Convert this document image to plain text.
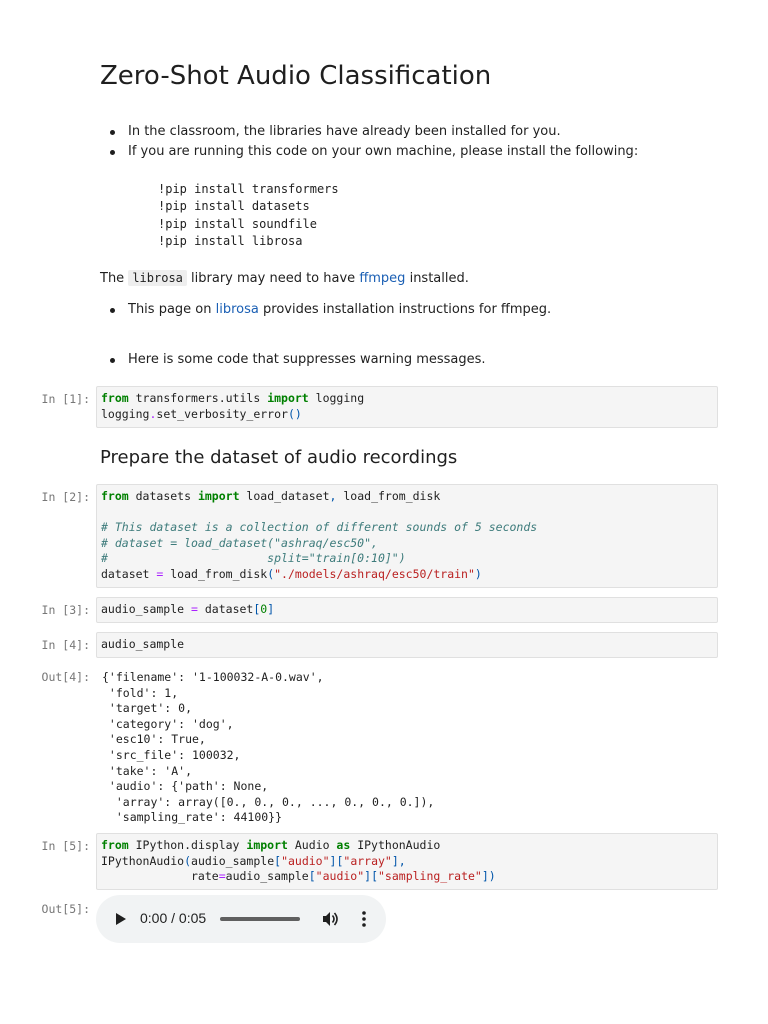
Zero-Shot Audio Classification
In the classroom, the libraries have already been installed for you.
If you are running this code on your own machine, please install the following:
!pip install transformers
!pip install datasets
!pip install soundfile
!pip install librosa
The librosa library may need to have ffmpeg installed.
This page on librosa provides installation instructions for ffmpeg.
Here is some code that suppresses warning messages.
In [1]: from transformers.utils import logging
logging.set_verbosity_error()
Prepare the dataset of audio recordings
In [2]: from datasets import load_dataset, load_from_disk

# This dataset is a collection of different sounds of 5 seconds
# dataset = load_dataset("ashraq/esc50",
#                       split="train[0:10]")
dataset = load_from_disk("./models/ashraq/esc50/train")
In [3]: audio_sample = dataset[0]
In [4]: audio_sample
Out[4]: {'filename': '1-100032-A-0.wav',
'fold': 1,
'target': 0,
'category': 'dog',
'esc10': True,
'src_file': 100032,
'take': 'A',
'audio': {'path': None,
'array': array([0., 0., 0., ..., 0., 0., 0.]),
'sampling_rate': 44100}}
In [5]: from IPython.display import Audio as IPythonAudio
IPythonAudio(audio_sample["audio"]["array"],
rate=audio_sample["audio"]["sampling_rate"])
Out[5]:
0:00 / 0:05
